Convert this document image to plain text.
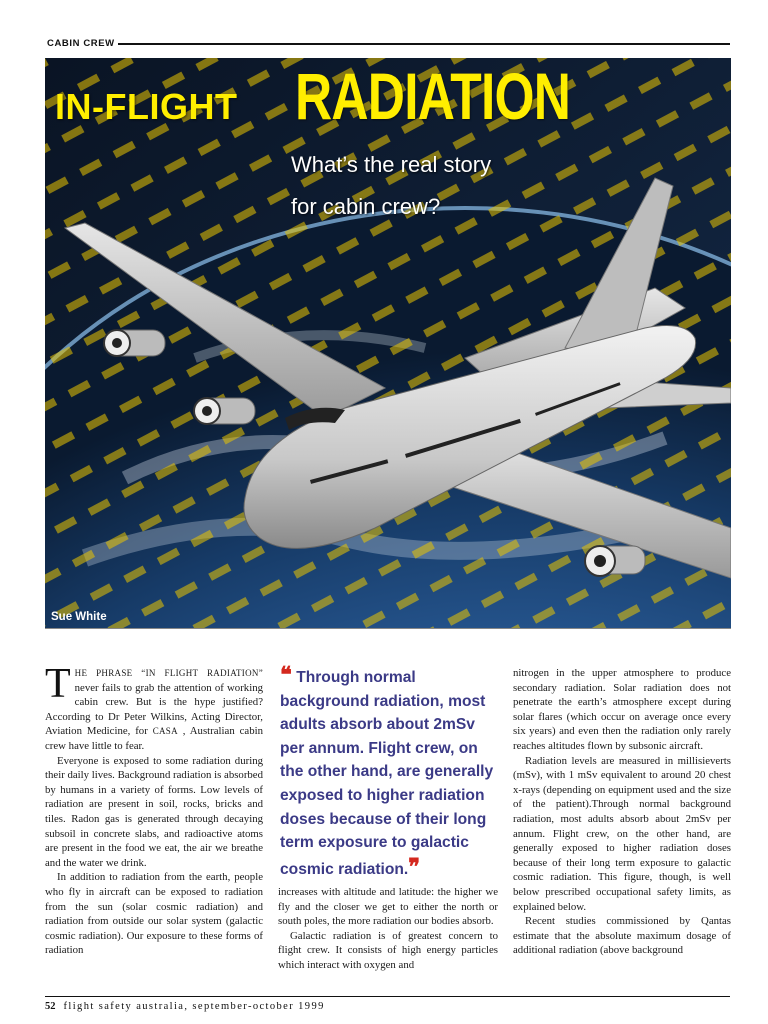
CABIN CREW
IN-FLIGHT RADIATION
What’s the real story
for cabin crew?
Sue White

THE PHRASE “IN FLIGHT RADIATION” never fails to grab the attention of working cabin crew. But is the hype justified? According to Dr Peter Wilkins, Acting Director, Aviation Medicine, for CASA , Australian cabin crew have little to fear.

Everyone is exposed to some radiation during their daily lives. Background radiation is absorbed by humans in a variety of forms. Low levels of radiation are present in soil, rocks, bricks and tiles. Radon gas is generated through decaying subsoil in concrete slabs, and radioactive atoms are present in the food we eat, the air we breathe and the water we drink.

In addition to radiation from the earth, people who fly in aircraft can be exposed to radiation from the sun (solar cosmic radiation) and radiation from outside our solar system (galactic cosmic radiation). Our exposure to these forms of radiation

❝ Through normal background radiation, most adults absorb about 2mSv per annum. Flight crew, on the other hand, are generally exposed to higher radiation doses because of their long term exposure to galactic cosmic radiation.❞

increases with altitude and latitude: the higher we fly and the closer we get to either the north or south poles, the more radiation our bodies absorb.

Galactic radiation is of greatest concern to flight crew. It consists of high energy particles which interact with oxygen and

nitrogen in the upper atmosphere to produce secondary radiation. Solar radiation does not penetrate the earth’s atmosphere except during solar flares (which occur on average once every six years) and even then the radiation only rarely reaches altitudes flown by subsonic aircraft.

Radiation levels are measured in millisieverts (mSv), with 1 mSv equivalent to around 20 chest x-rays (depending on equipment used and the size of the patient).Through normal background radiation, most adults absorb about 2mSv per annum. Flight crew, on the other hand, are generally exposed to higher radiation doses because of their long term exposure to galactic cosmic radiation. This figure, though, is well below prescribed occupational safety limits, as explained below.

Recent studies commissioned by Qantas estimate that the absolute maximum dosage of additional radiation (above background

52 flight safety australia, september-october 1999
